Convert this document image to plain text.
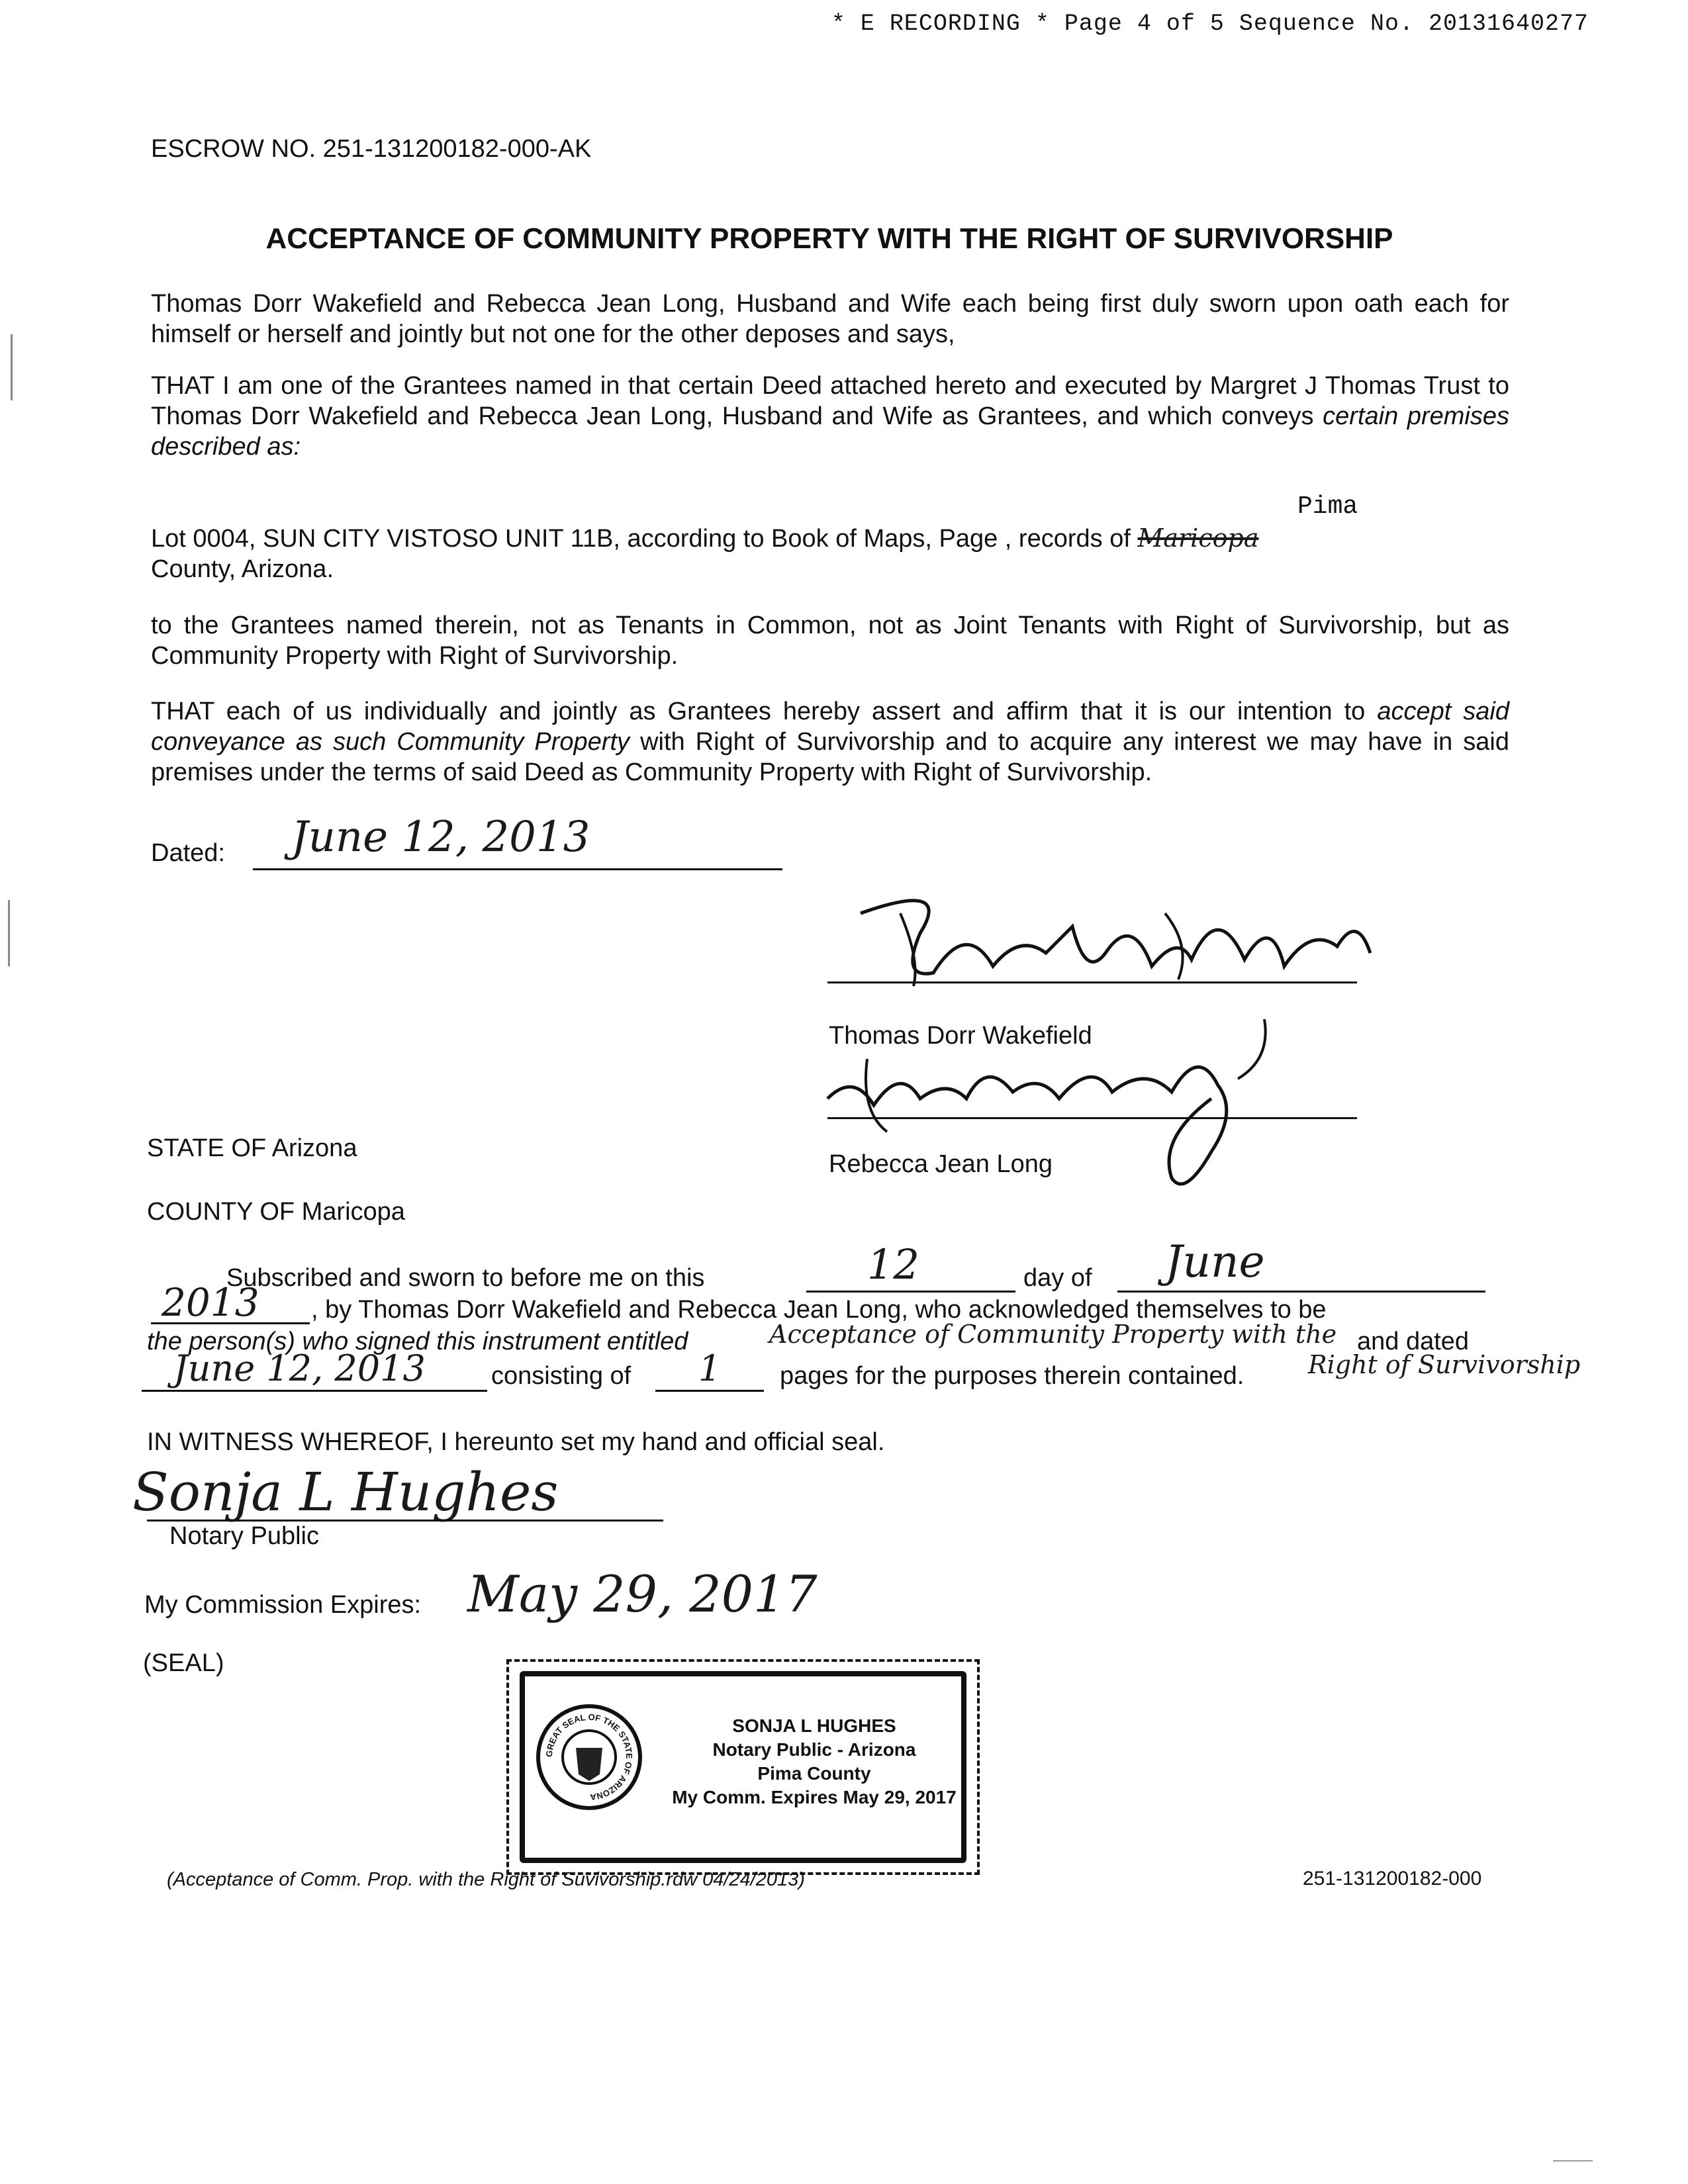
* E RECORDING * Page 4 of 5 Sequence No. 20131640277
ESCROW NO. 251-131200182-000-AK
ACCEPTANCE OF COMMUNITY PROPERTY WITH THE RIGHT OF SURVIVORSHIP

Thomas Dorr Wakefield and Rebecca Jean Long, Husband and Wife each being first duly sworn upon oath each for himself or herself and jointly but not one for the other deposes and says,

THAT I am one of the Grantees named in that certain Deed attached hereto and executed by Margret J Thomas Trust to Thomas Dorr Wakefield and Rebecca Jean Long, Husband and Wife as Grantees, and which conveys certain premises described as:

Pima

Lot 0004, SUN CITY VISTOSO UNIT 11B, according to Book of Maps, Page , records of Maricopa
County, Arizona.

to the Grantees named therein, not as Tenants in Common, not as Joint Tenants with Right of Survivorship, but as Community Property with Right of Survivorship.

THAT each of us individually and jointly as Grantees hereby assert and affirm that it is our intention to accept said conveyance as such Community Property with Right of Survivorship and to acquire any interest we may have in said premises under the terms of said Deed as Community Property with Right of Survivorship.

Dated: June 12, 2013
Thomas Dorr Wakefield
Rebecca Jean Long
STATE OF Arizona
COUNTY OF Maricopa
Subscribed and sworn to before me on this	12	day of June
2013 , by Thomas Dorr Wakefield and Rebecca Jean Long, who acknowledged themselves to be
the person(s) who signed this instrument entitled	Acceptance of Community Property with the and dated
June 12, 2013	consisting of 1 pages for the purposes therein contained.	Right of Survivorship
IN WITNESS WHEREOF, I hereunto set my hand and official seal.
Sonja L Hughes
Notary Public
My Commission Expires: May 29, 2017
(SEAL)
GREAT SEAL OF THE STATE OF ARIZONA
SONJA L HUGHES
Notary Public - Arizona
Pima County
My Comm. Expires May 29, 2017
(Acceptance of Comm. Prop. with the Right of Suvivorship.rdw 04/24/2013)	251-131200182-000
